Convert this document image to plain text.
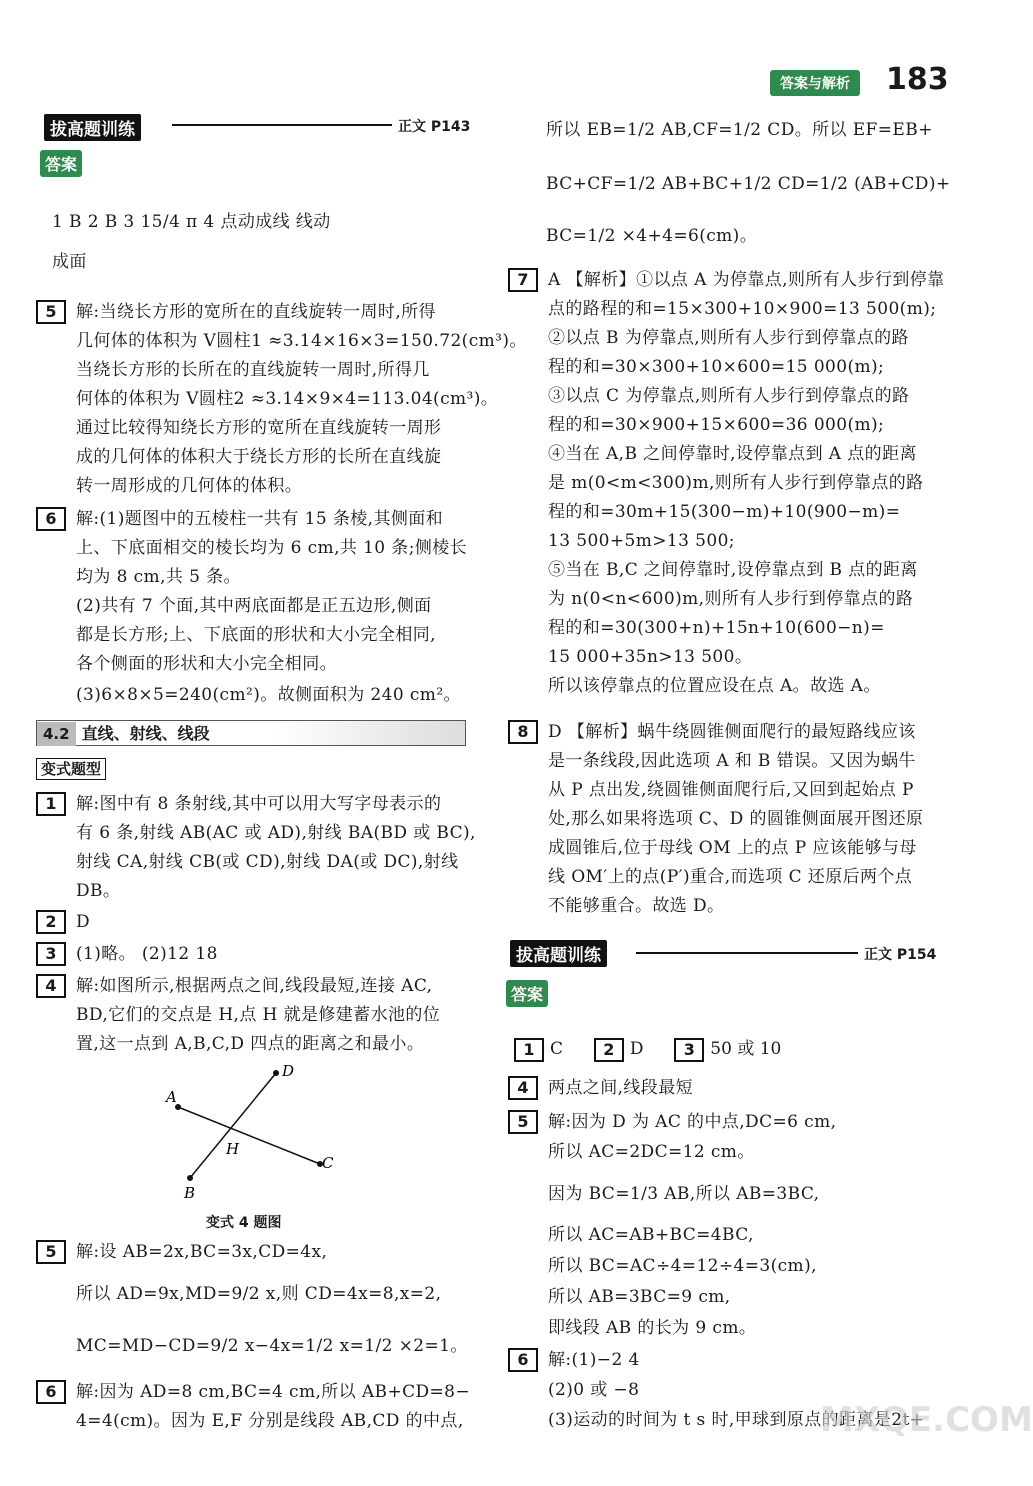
答案与解析	183
拔高题训练	正文 P143
答案
1 B 2 B 3 15/4 π 4 点动成线 线动
成面
5	解:当绕长方形的宽所在的直线旋转一周时,所得
几何体的体积为 V圆柱1 ≈3.14×16×3=150.72(cm³)。
当绕长方形的长所在的直线旋转一周时,所得几
何体的体积为 V圆柱2 ≈3.14×9×4=113.04(cm³)。
通过比较得知绕长方形的宽所在直线旋转一周形
成的几何体的体积大于绕长方形的长所在直线旋
转一周形成的几何体的体积。
6	解:(1)题图中的五棱柱一共有 15 条棱,其侧面和
上、下底面相交的棱长均为 6 cm,共 10 条;侧棱长
均为 8 cm,共 5 条。
(2)共有 7 个面,其中两底面都是正五边形,侧面
都是长方形;上、下底面的形状和大小完全相同,
各个侧面的形状和大小完全相同。
(3)6×8×5=240(cm²)。故侧面积为 240 cm²。
4.2 直线、射线、线段
变式题型
1	解:图中有 8 条射线,其中可以用大写字母表示的
有 6 条,射线 AB(AC 或 AD),射线 BA(BD 或 BC),
射线 CA,射线 CB(或 CD),射线 DA(或 DC),射线
DB。
2	D
3	(1)略。 (2)12 18
4	解:如图所示,根据两点之间,线段最短,连接 AC,
BD,它们的交点是 H,点 H 就是修建蓄水池的位
置,这一点到 A,B,C,D 四点的距离之和最小。
A
D
C
B
H
变式 4 题图
5	解:设 AB=2x,BC=3x,CD=4x,
所以 AD=9x,MD=9/2 x,则 CD=4x=8,x=2,
MC=MD−CD=9/2 x−4x=1/2 x=1/2 ×2=1。
6	解:因为 AD=8 cm,BC=4 cm,所以 AB+CD=8−
4=4(cm)。因为 E,F 分别是线段 AB,CD 的中点,
所以 EB=1/2 AB,CF=1/2 CD。所以 EF=EB+
BC+CF=1/2 AB+BC+1/2 CD=1/2 (AB+CD)+
BC=1/2 ×4+4=6(cm)。
7	A 【解析】①以点 A 为停靠点,则所有人步行到停靠
点的路程的和=15×300+10×900=13 500(m);
②以点 B 为停靠点,则所有人步行到停靠点的路
程的和=30×300+10×600=15 000(m);
③以点 C 为停靠点,则所有人步行到停靠点的路
程的和=30×900+15×600=36 000(m);
④当在 A,B 之间停靠时,设停靠点到 A 点的距离
是 m(0<m<300)m,则所有人步行到停靠点的路
程的和=30m+15(300−m)+10(900−m)=
13 500+5m>13 500;
⑤当在 B,C 之间停靠时,设停靠点到 B 点的距离
为 n(0<n<600)m,则所有人步行到停靠点的路
程的和=30(300+n)+15n+10(600−n)=
15 000+35n>13 500。
所以该停靠点的位置应设在点 A。故选 A。
8	D 【解析】蜗牛绕圆锥侧面爬行的最短路线应该
是一条线段,因此选项 A 和 B 错误。又因为蜗牛
从 P 点出发,绕圆锥侧面爬行后,又回到起始点 P
处,那么如果将选项 C、D 的圆锥侧面展开图还原
成圆锥后,位于母线 OM 上的点 P 应该能够与母
线 OM′上的点(P′)重合,而选项 C 还原后两个点
不能够重合。故选 D。
拔高题训练	正文 P154
答案
1 C	2 D	3 50 或 10
4	两点之间,线段最短
5	解:因为 D 为 AC 的中点,DC=6 cm,
所以 AC=2DC=12 cm。
因为 BC=1/3 AB,所以 AB=3BC,
所以 AC=AB+BC=4BC,
所以 BC=AC÷4=12÷4=3(cm),
所以 AB=3BC=9 cm,
即线段 AB 的长为 9 cm。
6	解:(1)−2 4
(2)0 或 −8
(3)运动的时间为 t s 时,甲球到原点的距离是2t+
MXQE.COM
